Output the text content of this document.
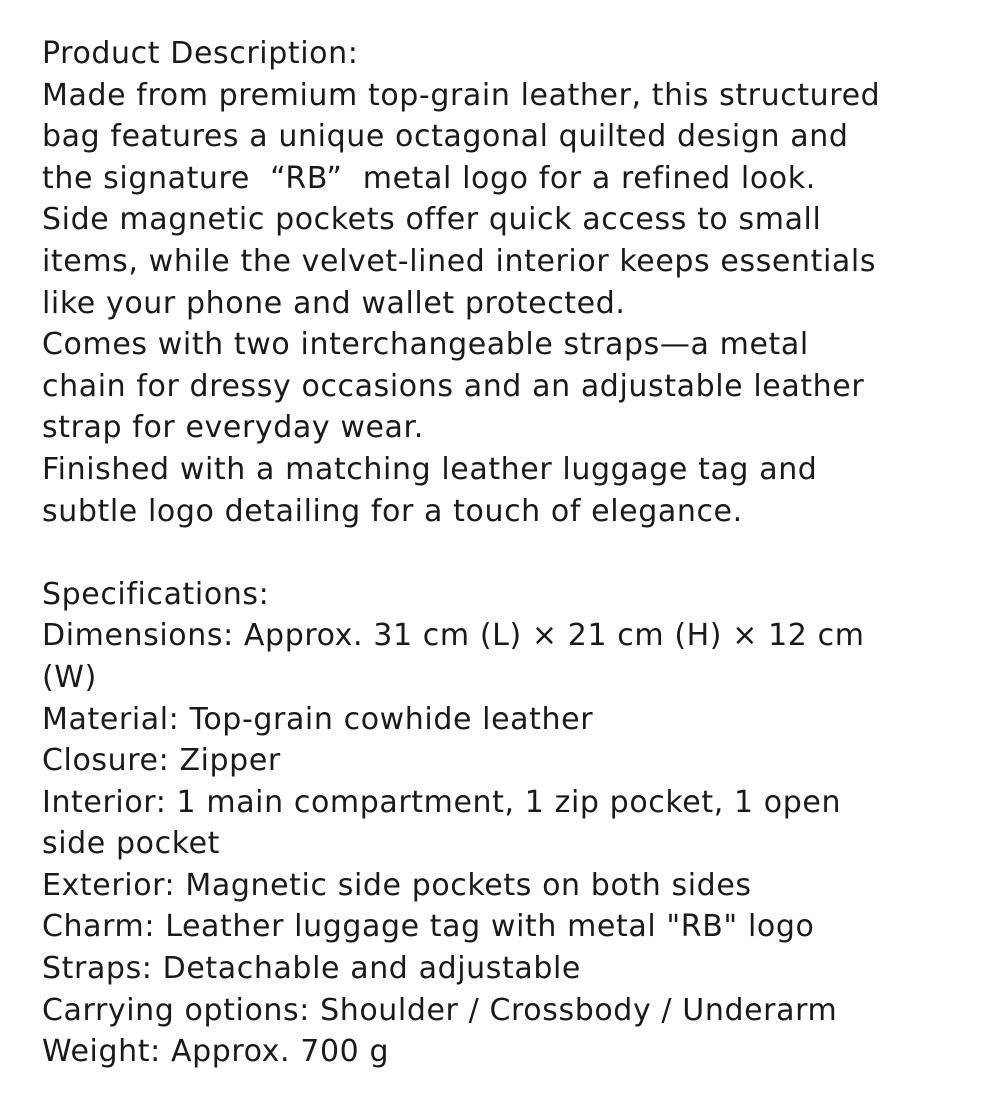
Product Description:
Made from premium top-grain leather, this structured
bag features a unique octagonal quilted design and
the signature  “RB”  metal logo for a refined look.
Side magnetic pockets offer quick access to small
items, while the velvet-lined interior keeps essentials
like your phone and wallet protected.
Comes with two interchangeable straps—a metal
chain for dressy occasions and an adjustable leather
strap for everyday wear.
Finished with a matching leather luggage tag and
subtle logo detailing for a touch of elegance.
Specifications:
Dimensions: Approx. 31 cm (L) × 21 cm (H) × 12 cm
(W)
Material: Top-grain cowhide leather
Closure: Zipper
Interior: 1 main compartment, 1 zip pocket, 1 open
side pocket
Exterior: Magnetic side pockets on both sides
Charm: Leather luggage tag with metal "RB" logo
Straps: Detachable and adjustable
Carrying options: Shoulder / Crossbody / Underarm
Weight: Approx. 700 g
